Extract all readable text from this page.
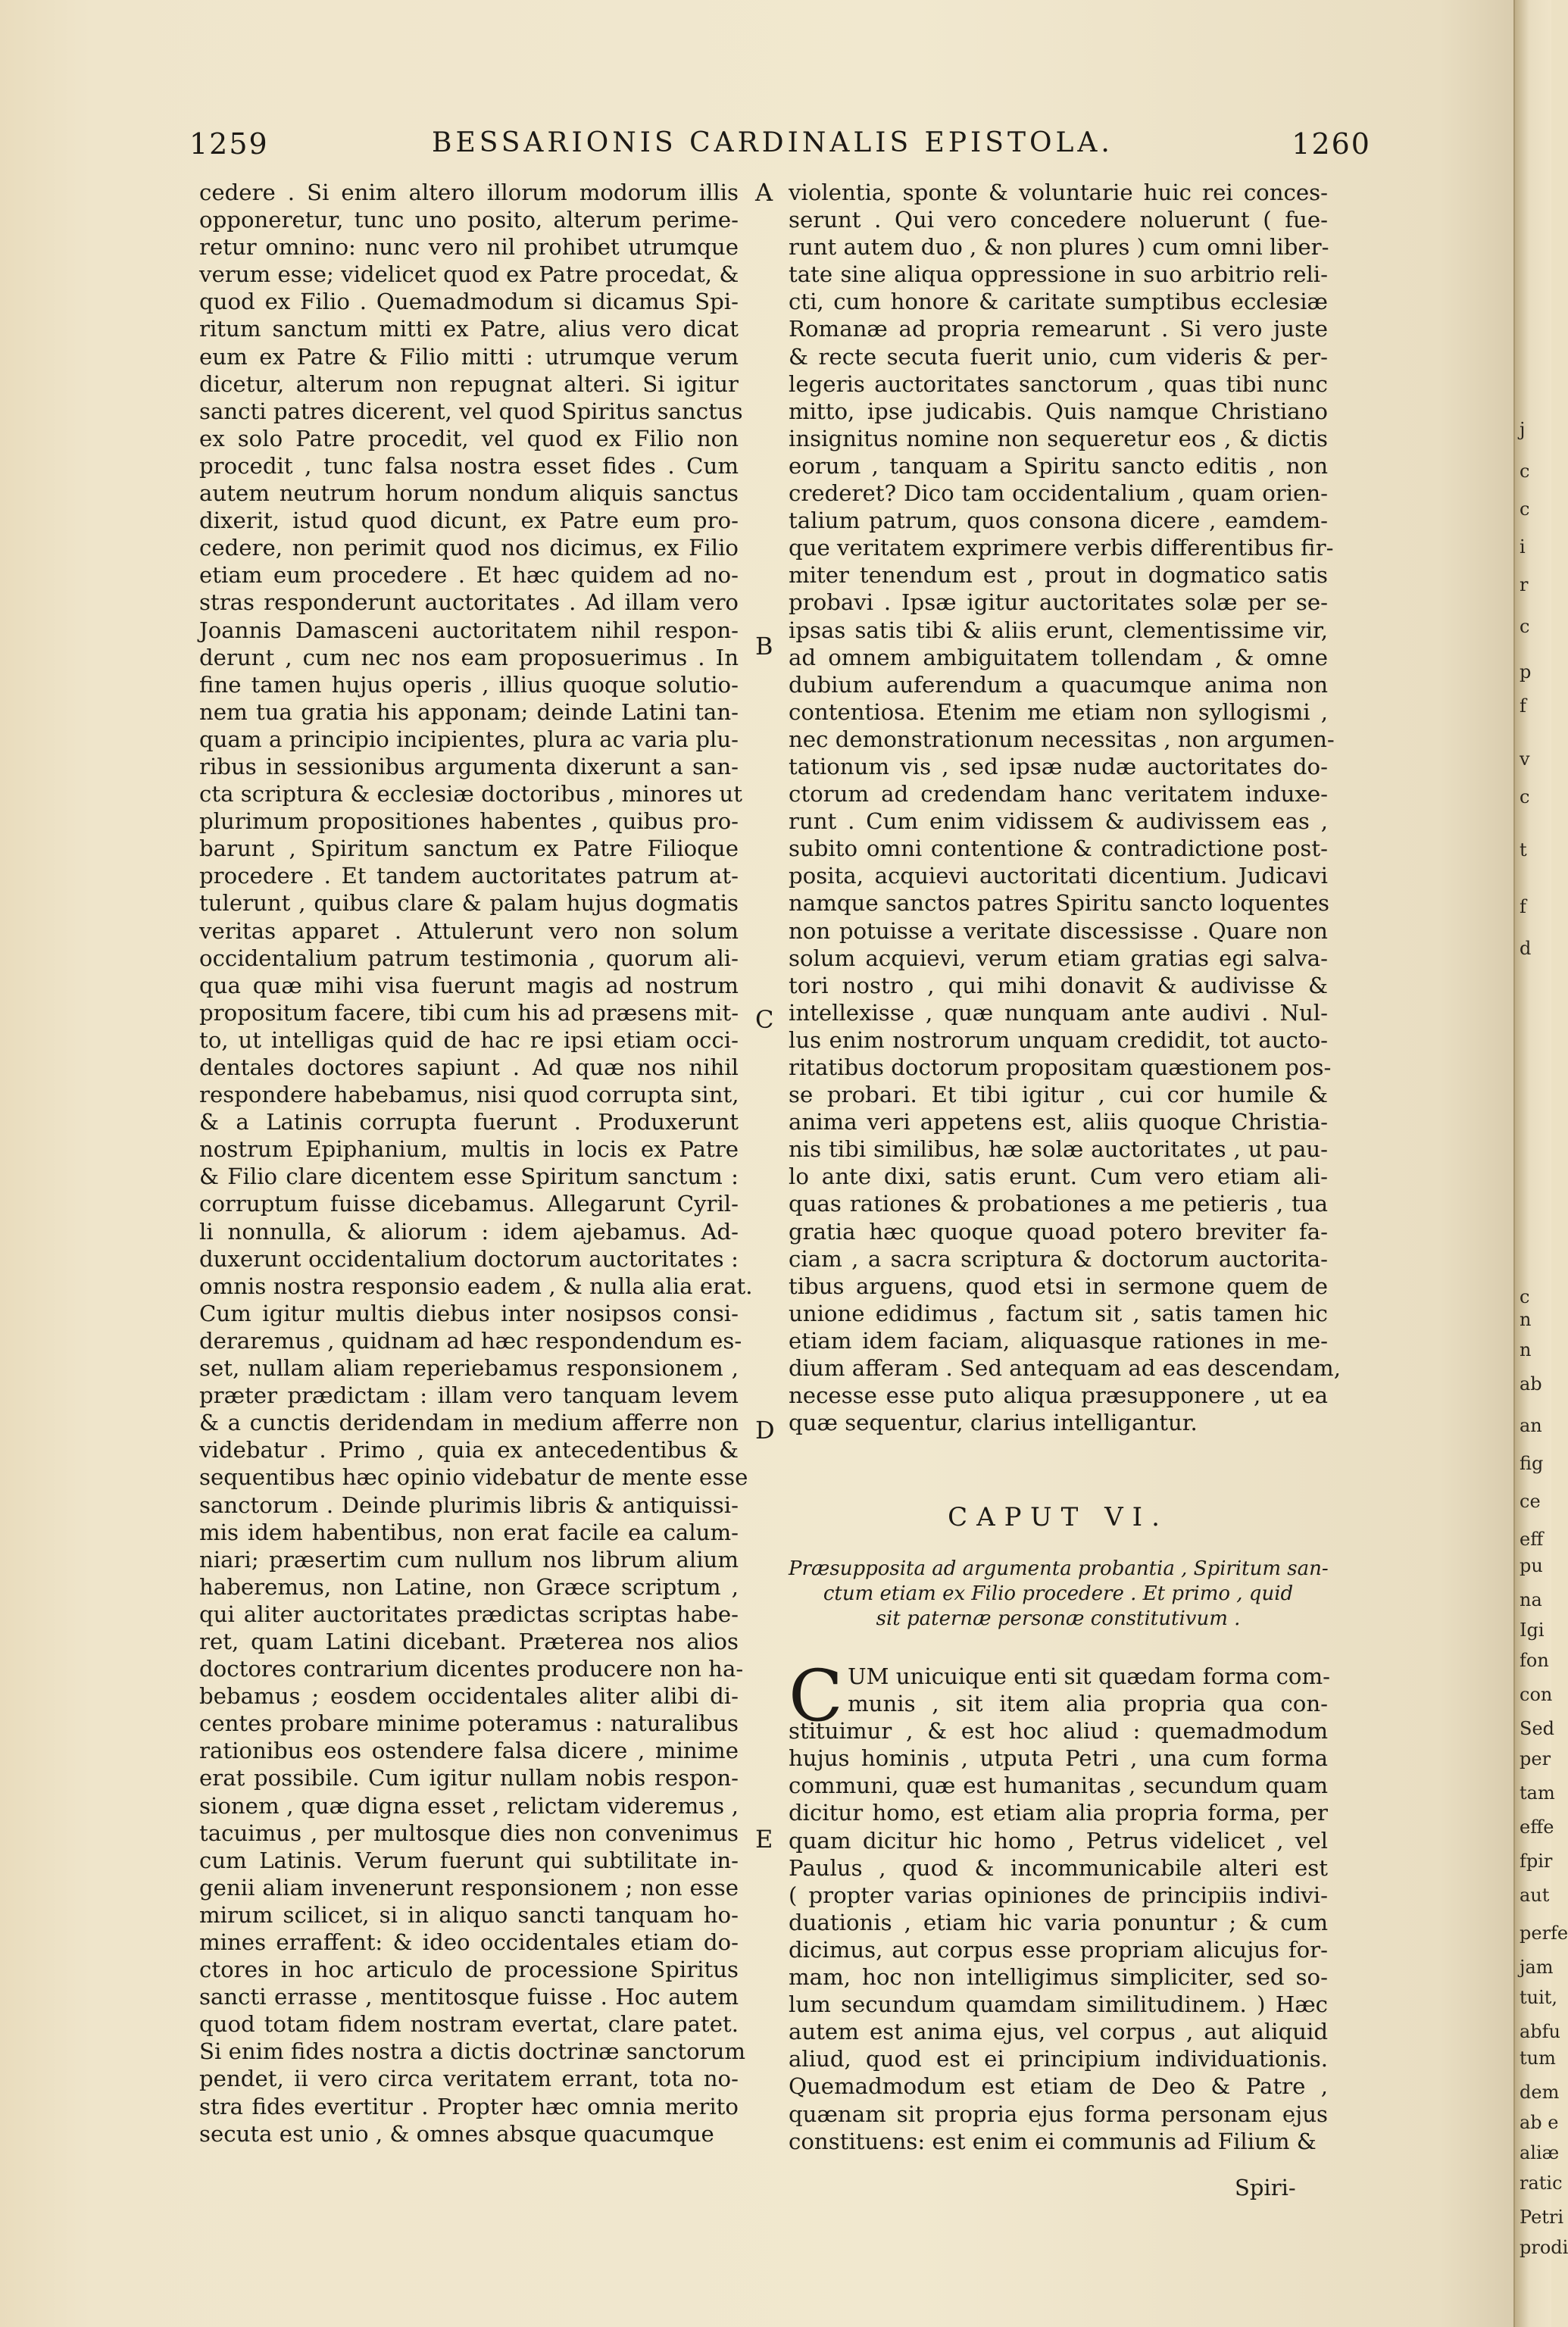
1259	BESSARIONIS CARDINALIS EPISTOLA.	1260
cedere . Si enim altero illorum modorum illis
opponeretur, tunc uno posito, alterum perime-
retur omnino: nunc vero nil prohibet utrumque
verum esse; videlicet quod ex Patre procedat, &
quod ex Filio . Quemadmodum si dicamus Spi-
ritum sanctum mitti ex Patre, alius vero dicat
eum ex Patre & Filio mitti : utrumque verum
dicetur, alterum non repugnat alteri. Si igitur
sancti patres dicerent, vel quod Spiritus sanctus
ex solo Patre procedit, vel quod ex Filio non
procedit , tunc falsa nostra esset fides . Cum
autem neutrum horum nondum aliquis sanctus
dixerit, istud quod dicunt, ex Patre eum pro-
cedere, non perimit quod nos dicimus, ex Filio
etiam eum procedere . Et hæc quidem ad no-
stras responderunt auctoritates . Ad illam vero
Joannis Damasceni auctoritatem nihil respon-
derunt , cum nec nos eam proposuerimus . In
fine tamen hujus operis , illius quoque solutio-
nem tua gratia his apponam; deinde Latini tan-
quam a principio incipientes, plura ac varia plu-
ribus in sessionibus argumenta dixerunt a san-
cta scriptura & ecclesiæ doctoribus , minores ut
plurimum propositiones habentes , quibus pro-
barunt , Spiritum sanctum ex Patre Filioque
procedere . Et tandem auctoritates patrum at-
tulerunt , quibus clare & palam hujus dogmatis
veritas apparet . Attulerunt vero non solum
occidentalium patrum testimonia , quorum ali-
qua quæ mihi visa fuerunt magis ad nostrum
propositum facere, tibi cum his ad præsens mit-
to, ut intelligas quid de hac re ipsi etiam occi-
dentales doctores sapiunt . Ad quæ nos nihil
respondere habebamus, nisi quod corrupta sint,
& a Latinis corrupta fuerunt . Produxerunt
nostrum Epiphanium, multis in locis ex Patre
& Filio clare dicentem esse Spiritum sanctum :
corruptum fuisse dicebamus. Allegarunt Cyril-
li nonnulla, & aliorum : idem ajebamus. Ad-
duxerunt occidentalium doctorum auctoritates :
omnis nostra responsio eadem , & nulla alia erat.
Cum igitur multis diebus inter nosipsos consi-
deraremus , quidnam ad hæc respondendum es-
set, nullam aliam reperiebamus responsionem ,
præter prædictam : illam vero tanquam levem
& a cunctis deridendam in medium afferre non
videbatur . Primo , quia ex antecedentibus &
sequentibus hæc opinio videbatur de mente esse
sanctorum . Deinde plurimis libris & antiquissi-
mis idem habentibus, non erat facile ea calum-
niari; præsertim cum nullum nos librum alium
haberemus, non Latine, non Græce scriptum ,
qui aliter auctoritates prædictas scriptas habe-
ret, quam Latini dicebant. Præterea nos alios
doctores contrarium dicentes producere non ha-
bebamus ; eosdem occidentales aliter alibi di-
centes probare minime poteramus : naturalibus
rationibus eos ostendere falsa dicere , minime
erat possibile. Cum igitur nullam nobis respon-
sionem , quæ digna esset , relictam videremus ,
tacuimus , per multosque dies non convenimus
cum Latinis. Verum fuerunt qui subtilitate in-
genii aliam invenerunt responsionem ; non esse
mirum scilicet, si in aliquo sancti tanquam ho-
mines erraffent: & ideo occidentales etiam do-
ctores in hoc articulo de processione Spiritus
sancti errasse , mentitosque fuisse . Hoc autem
quod totam fidem nostram evertat, clare patet.
Si enim fides nostra a dictis doctrinæ sanctorum
pendet, ii vero circa veritatem errant, tota no-
stra fides evertitur . Propter hæc omnia merito
secuta est unio , & omnes absque quacumque
violentia, sponte & voluntarie huic rei conces-
serunt . Qui vero concedere noluerunt ( fue-
runt autem duo , & non plures ) cum omni liber-
tate sine aliqua oppressione in suo arbitrio reli-
cti, cum honore & caritate sumptibus ecclesiæ
Romanæ ad propria remearunt . Si vero juste
& recte secuta fuerit unio, cum videris & per-
legeris auctoritates sanctorum , quas tibi nunc
mitto, ipse judicabis. Quis namque Christiano
insignitus nomine non sequeretur eos , & dictis
eorum , tanquam a Spiritu sancto editis , non
crederet? Dico tam occidentalium , quam orien-
talium patrum, quos consona dicere , eamdem-
que veritatem exprimere verbis differentibus fir-
miter tenendum est , prout in dogmatico satis
probavi . Ipsæ igitur auctoritates solæ per se-
ipsas satis tibi & aliis erunt, clementissime vir,
ad omnem ambiguitatem tollendam , & omne
dubium auferendum a quacumque anima non
contentiosa. Etenim me etiam non syllogismi ,
nec demonstrationum necessitas , non argumen-
tationum vis , sed ipsæ nudæ auctoritates do-
ctorum ad credendam hanc veritatem induxe-
runt . Cum enim vidissem & audivissem eas ,
subito omni contentione & contradictione post-
posita, acquievi auctoritati dicentium. Judicavi
namque sanctos patres Spiritu sancto loquentes
non potuisse a veritate discessisse . Quare non
solum acquievi, verum etiam gratias egi salva-
tori nostro , qui mihi donavit & audivisse &
intellexisse , quæ nunquam ante audivi . Nul-
lus enim nostrorum unquam credidit, tot aucto-
ritatibus doctorum propositam quæstionem pos-
se probari. Et tibi igitur , cui cor humile &
anima veri appetens est, aliis quoque Christia-
nis tibi similibus, hæ solæ auctoritates , ut pau-
lo ante dixi, satis erunt. Cum vero etiam ali-
quas rationes & probationes a me petieris , tua
gratia hæc quoque quoad potero breviter fa-
ciam , a sacra scriptura & doctorum auctorita-
tibus arguens, quod etsi in sermone quem de
unione edidimus , factum sit , satis tamen hic
etiam idem faciam, aliquasque rationes in me-
dium afferam . Sed antequam ad eas descendam,
necesse esse puto aliqua præsupponere , ut ea
quæ sequentur, clarius intelligantur.
A
B
C
D
E
CAPUT VI.
Præsupposita ad argumenta probantia , Spiritum san-
ctum etiam ex Filio procedere . Et primo , quid
sit paternæ personæ constitutivum .
C UM unicuique enti sit quædam forma com-
munis , sit item alia propria qua con-
stituimur , & est hoc aliud : quemadmodum
hujus hominis , utputa Petri , una cum forma
communi, quæ est humanitas , secundum quam
dicitur homo, est etiam alia propria forma, per
quam dicitur hic homo , Petrus videlicet , vel
Paulus , quod & incommunicabile alteri est
( propter varias opiniones de principiis indivi-
duationis , etiam hic varia ponuntur ; & cum
dicimus, aut corpus esse propriam alicujus for-
mam, hoc non intelligimus simpliciter, sed so-
lum secundum quamdam similitudinem. ) Hæc
autem est anima ejus, vel corpus , aut aliquid
aliud, quod est ei principium individuationis.
Quemadmodum est etiam de Deo & Patre ,
quænam sit propria ejus forma personam ejus
constituens: est enim ei communis ad Filium &
Spiri-
j
c
c
i
r
c
p
f
v
c
t
f
d
c
n
n
ab
an
fig
ce
eff
pu
na
Igi
fon
con
Sed
per
tam
effe
fpir
aut
perfe
jam
tuit,
abfu
tum
dem
ab e
aliæ
ratic
Petri
prodi
